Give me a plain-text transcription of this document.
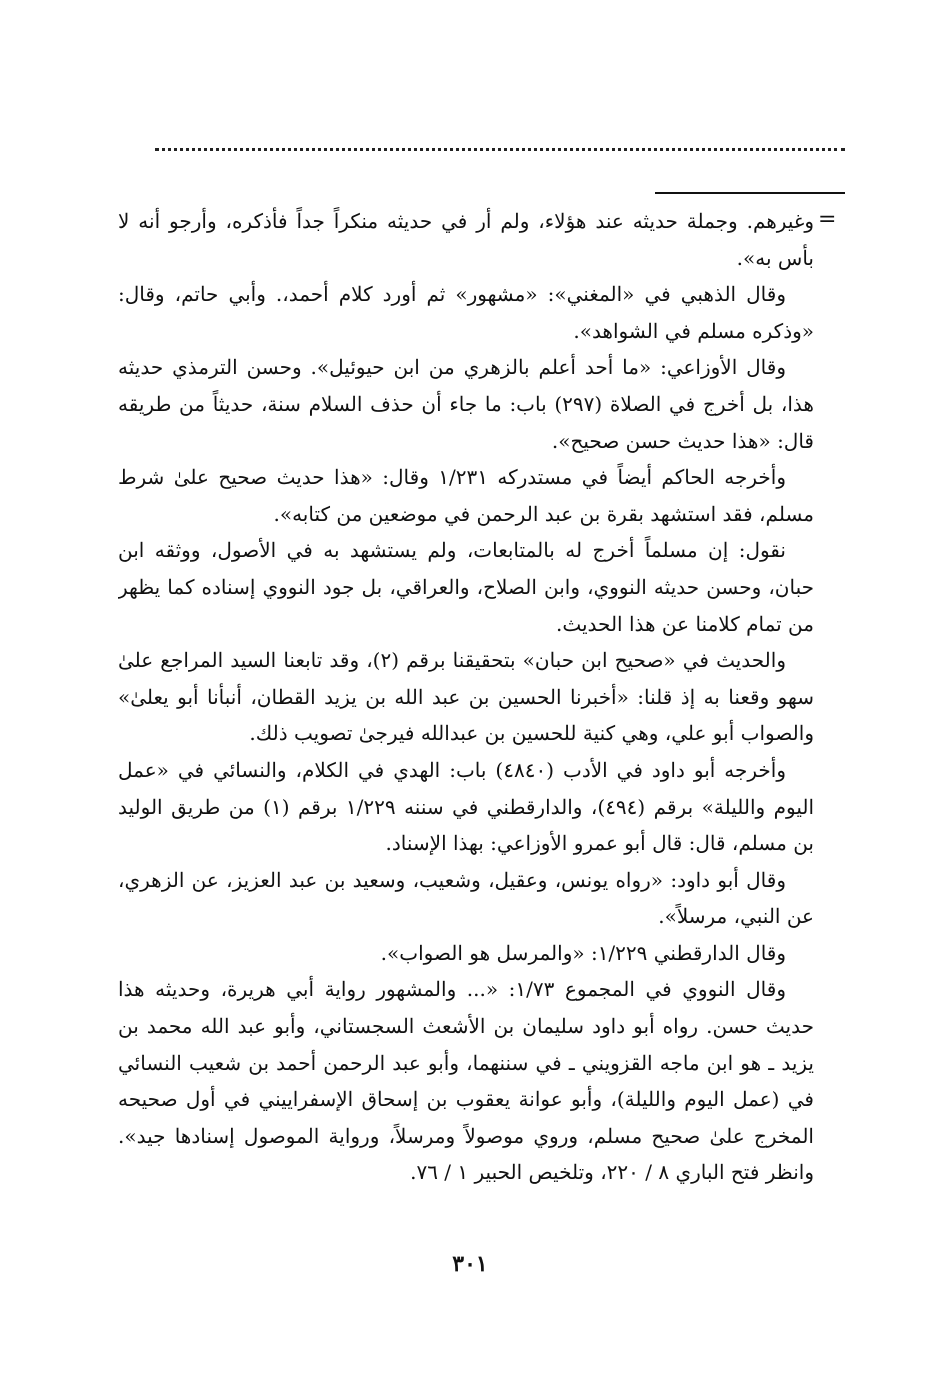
=

وغيرهم. وجملة حديثه عند هؤلاء، ولم أر في حديثه منكراً جداً فأذكره، وأرجو أنه لا بأس به».

وقال الذهبي في «المغني»: «مشهور» ثم أورد كلام أحمد،. وأبي حاتم، وقال: «وذكره مسلم في الشواهد».

وقال الأوزاعي: «ما أحد أعلم بالزهري من ابن حيوئيل». وحسن الترمذي حديثه هذا، بل أخرج في الصلاة (٢٩٧) باب: ما جاء أن حذف السلام سنة، حديثاً من طريقه قال: «هذا حديث حسن صحيح».

وأخرجه الحاكم أيضاً في مستدركه ١/٢٣١ وقال: «هذا حديث صحيح علىٰ شرط مسلم، فقد استشهد بقرة بن عبد الرحمن في موضعين من كتابه».

نقول: إن مسلماً أخرج له بالمتابعات، ولم يستشهد به في الأصول، ووثقه ابن حبان، وحسن حديثه النووي، وابن الصلاح، والعراقي، بل جود النووي إسناده كما يظهر من تمام كلامنا عن هذا الحديث.

والحديث في «صحيح ابن حبان» بتحقيقنا برقم (٢)، وقد تابعنا السيد المراجع علىٰ سهو وقعنا به إذ قلنا: «أخبرنا الحسين بن عبد الله بن يزيد القطان، أنبأنا أبو يعلىٰ» والصواب أبو علي، وهي كنية للحسين بن عبدالله فيرجىٰ تصويب ذلك.

وأخرجه أبو داود في الأدب (٤٨٤٠) باب: الهدي في الكلام، والنسائي في «عمل اليوم والليلة» برقم (٤٩٤)، والدارقطني في سننه ١/٢٢٩ برقم (١) من طريق الوليد بن مسلم، قال: قال أبو عمرو الأوزاعي: بهذا الإسناد.

وقال أبو داود: «رواه يونس، وعقيل، وشعيب، وسعيد بن عبد العزيز، عن الزهري، عن النبي، مرسلاً».

وقال الدارقطني ١/٢٢٩: «والمرسل هو الصواب».

وقال النووي في المجموع ١/٧٣: «... والمشهور رواية أبي هريرة، وحديثه هذا حديث حسن. رواه أبو داود سليمان بن الأشعث السجستاني، وأبو عبد الله محمد بن يزيد ـ هو ابن ماجه القزويني ـ في سننهما، وأبو عبد الرحمن أحمد بن شعيب النسائي في (عمل اليوم والليلة)، وأبو عوانة يعقوب بن إسحاق الإسفراييني في أول صحيحه المخرج علىٰ صحيح مسلم، وروي موصولاً ومرسلاً، ورواية الموصول إسنادها جيد». وانظر فتح الباري ٨ / ٢٢٠، وتلخيص الحبير ١ / ٧٦.

٣٠١
